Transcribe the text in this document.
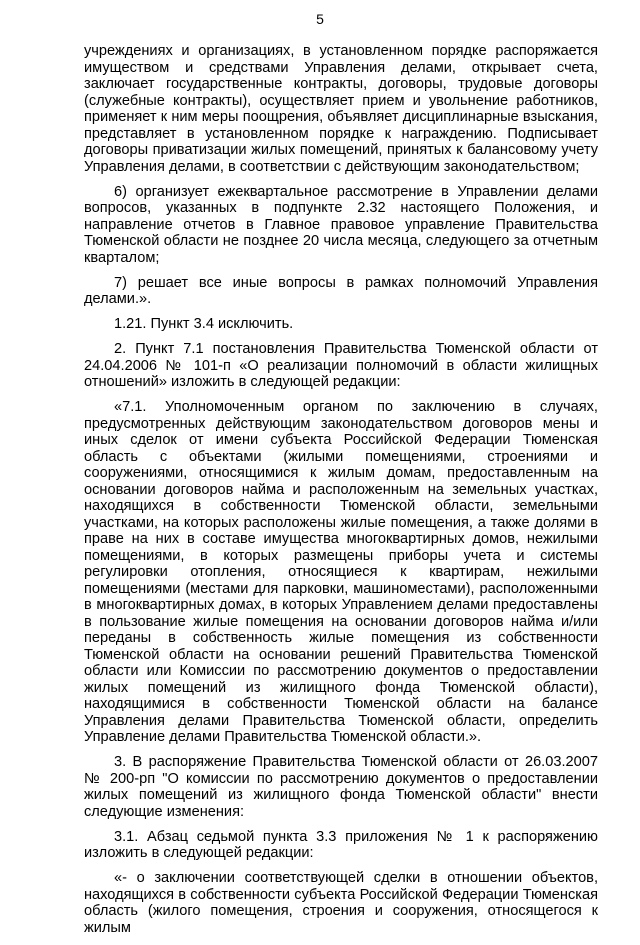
5

учреждениях и организациях, в установленном порядке распоряжается имуществом и средствами Управления делами, открывает счета, заключает государственные контракты, договоры, трудовые договоры (служебные контракты), осуществляет прием и увольнение работников, применяет к ним меры поощрения, объявляет дисциплинарные взыскания, представляет в установленном порядке к награждению. Подписывает договоры приватизации жилых помещений, принятых к балансовому учету Управления делами, в соответствии с действующим законодательством;

6) организует ежеквартальное рассмотрение в Управлении делами вопросов, указанных в подпункте 2.32 настоящего Положения, и направление отчетов в Главное правовое управление Правительства Тюменской области не позднее 20 числа месяца, следующего за отчетным кварталом;

7) решает все иные вопросы в рамках полномочий Управления делами.».

1.21. Пункт 3.4 исключить.

2. Пункт 7.1 постановления Правительства Тюменской области от 24.04.2006 № 101-п «О реализации полномочий в области жилищных отношений» изложить в следующей редакции:

«7.1. Уполномоченным органом по заключению в случаях, предусмотренных действующим законодательством договоров мены и иных сделок от имени субъекта Российской Федерации Тюменская область с объектами (жилыми помещениями, строениями и сооружениями, относящимися к жилым домам, предоставленным на основании договоров найма и расположенным на земельных участках, находящихся в собственности Тюменской области, земельными участками, на которых расположены жилые помещения, а также долями в праве на них в составе имущества многоквартирных домов, нежилыми помещениями, в которых размещены приборы учета и системы регулировки отопления, относящиеся к квартирам, нежилыми помещениями (местами для парковки, машиноместами), расположенными в многоквартирных домах, в которых Управлением делами предоставлены в пользование жилые помещения на основании договоров найма и/или переданы в собственность жилые помещения из собственности Тюменской области на основании решений Правительства Тюменской области или Комиссии по рассмотрению документов о предоставлении жилых помещений из жилищного фонда Тюменской области), находящимися в собственности Тюменской области на балансе Управления делами Правительства Тюменской области, определить Управление делами Правительства Тюменской области.».

3. В распоряжение Правительства Тюменской области от 26.03.2007 № 200-рп "О комиссии по рассмотрению документов о предоставлении жилых помещений из жилищного фонда Тюменской области" внести следующие изменения:

3.1. Абзац седьмой пункта 3.3 приложения № 1 к распоряжению изложить в следующей редакции:

«- о заключении соответствующей сделки в отношении объектов, находящихся в собственности субъекта Российской Федерации Тюменская область (жилого помещения, строения и сооружения, относящегося к жилым
